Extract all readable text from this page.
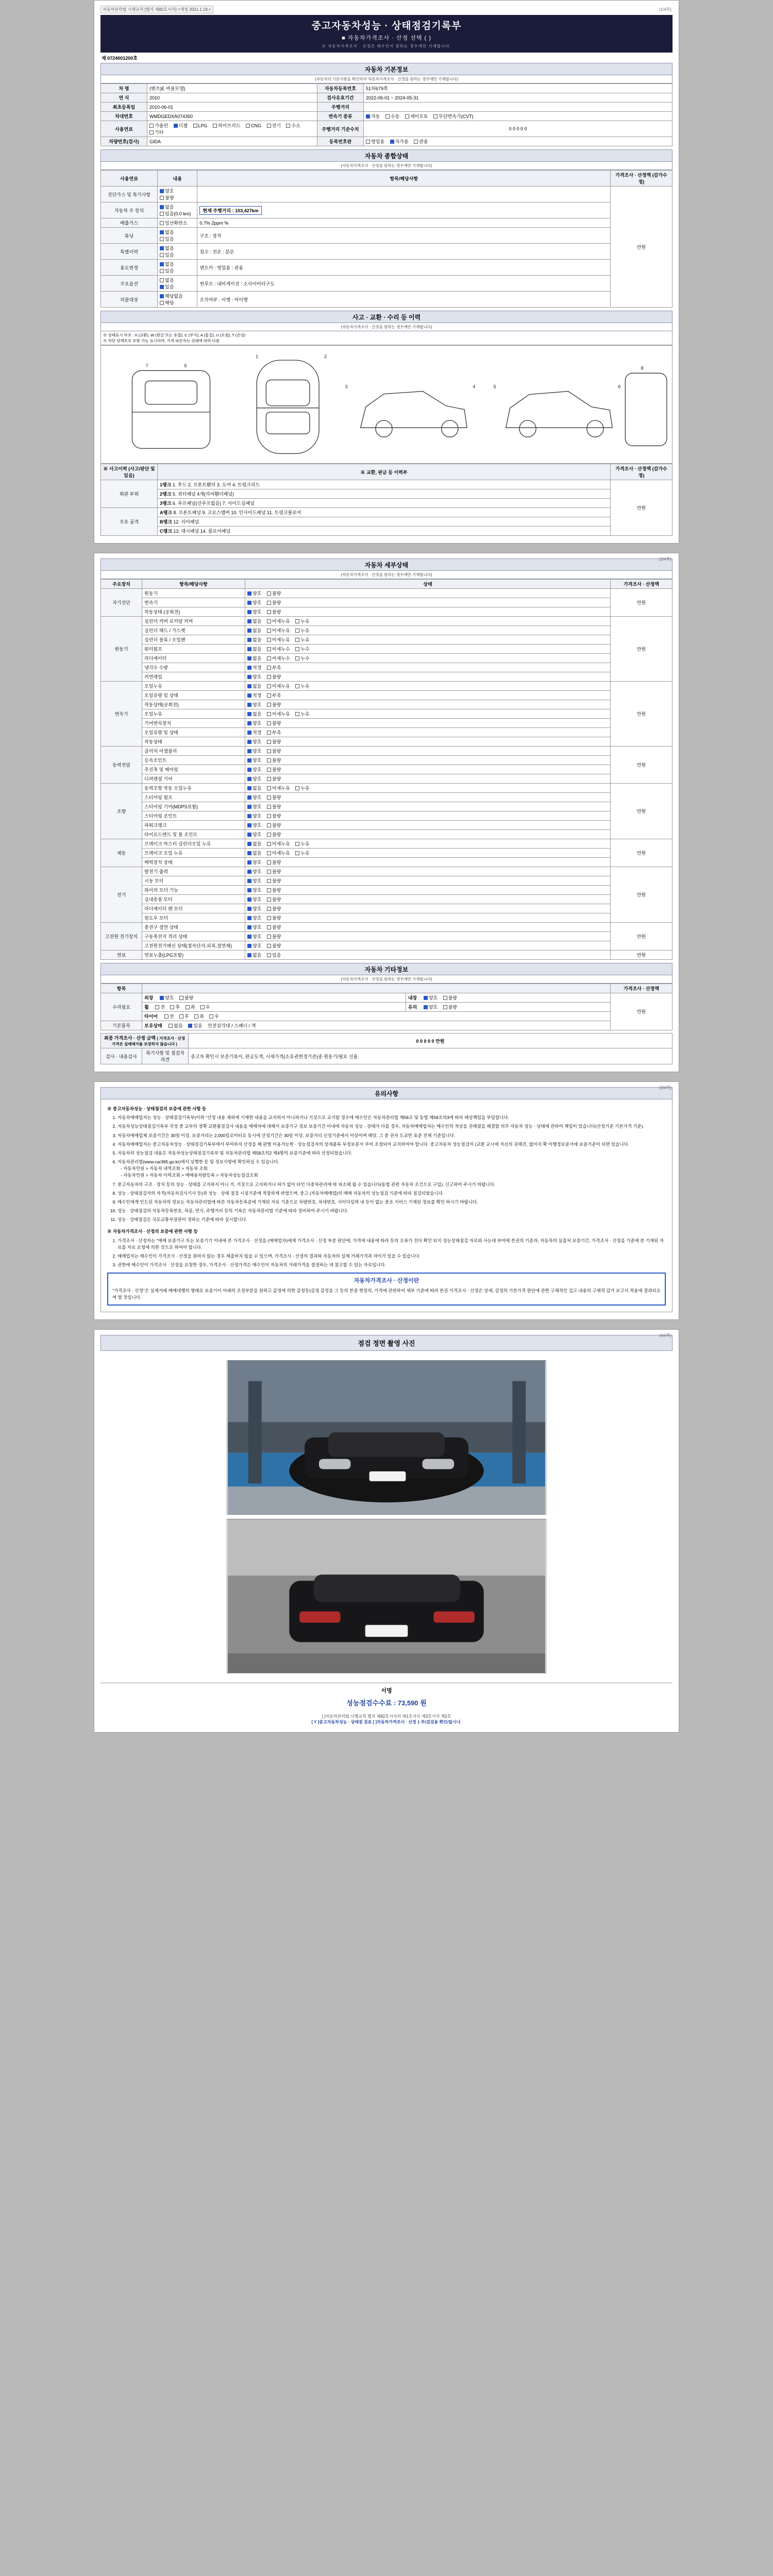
자동차관리법 시행규칙 [별지 제82호서식] <개정 2021.1.19.>	(1/4쪽)
중고자동차성능 · 상태점검기록부
■ 자동차가격조사 · 산정 선택 ( )
※ 자동차가격조사 · 산정은 매수인이 원하는 경우에만 기재합니다.
제 0724001200호
자동차 기본정보
(자동차의 기본사항을 확인하여 자동차가격조사 · 산정을 원하는 경우에만 기재합니다)
차 명	(벤츠)E 버블모델)	자동차등록번호	51허679쪽
연 식	2010	검사유효기간	2022-06-01 ~ 2024-05-31
최초등록일	2010-06-01	주행거리	
차대번호	WMDGEDXA074350	변속기 종류	자동 수동 세미오토 무단변속기(CVT)
사용연료	가솔린 디젤 LPG 하이브리드 CNG 전기 수소 기타	주행거리 기준수치	0 0 0 0 0
차량번호(검사)	GIDA	등록번호판	영업용 자가용 관용
자동차 종합상태
(자동차가격조사 · 산정을 원하는 경우에만 기재합니다)
사용연료	내용	항목/해당사항	가격조사 · 산정액 (감가수정)
진단가스 및 특기사항	양호 불량		만원
자동차 주 장치	없음 있음(0.0 km)	현재 주행거리 : 103,427km	
배출가스	일산화탄소	0.7% 2ppm %	
튜닝	없음 있음	구조 : 장치	
특별이력	없음 있음	침수 : 전손 : 분손	
용도변경	없음 있음	렌트카 : 영업용 : 관용	
주요옵션	없음 있음	썬루프 : 내비게이션 : 소사이어티구도	
리콜대상	해당없음 해당	조치여부 : 이행 : 미이행	
사고 · 교환 · 수리 등 이력
(자동차가격조사 · 산정을 원하는 경우에만 기재합니다)
※ 상태표시 부호 : X (교환), W (판금 또는 용접), C (부식), A (흠집), U (요철), T (손상)
※ 하단 당해부호 포함 가능 표시하며, 가격 파손차는 상태에 따라 다름
7	9
1	2
3	4	5	6
8
※ 사고이력 (사고/판단 및 있음)	※ 교환, 판금 등 이력부	가격조사 · 산정액 (감가수정)
외판 부위	1랭크 1. 후드 2. 프론트휀더 3. 도어 4. 트렁크리드	만원
	2랭크 5. 쿼터패널 4개(리어휀더패널)	
	3랭크 6. 루프패널(선루프없음) 7. 사이드실패널	
주요 골격	A랭크 8. 프론트패널 9. 크로스맴버 10. 인사이드패널 11. 트렁크플로어	
	B랭크 12. 리어패널	
	C랭크 13. 대시패널 14. 플로어패널	
(2/4쪽)
자동차 세부상태
(자동차가격조사 · 산정을 원하는 경우에만 기재합니다)
주요장치	항목/해당사항	상태	가격조사 · 산정액
자기진단	원동기	양호 불량	만원
	변속기	양호 불량	
	작동상태 (공회전)	양호 불량	
원동기	실린더 커버 로커암 커버	없음 미세누유 누유	만원
	실린더 헤드 / 가스켓	없음 미세누유 누유	
	실린더 블록 / 오일팬	없음 미세누유 누유	
	워터펌프	없음 미세누수 누수	
	라디에이터	없음 미세누수 누수	
	냉각수 수량	적정 부족	
	커먼레일	양호 불량	
변속기	오일누유	없음 미세누유 누유	만원
	오일유량 및 상태	적정 부족	
	작동상태(공회전)	양호 불량	
	오일누유	없음 미세누유 누유	
	기어변속장치	양호 불량	
	오일유량 및 상태	적정 부족	
	작동상태	양호 불량	
동력전달	클러치 어셈블리	양호 불량	만원
	등속조인트	양호 불량	
	추진축 및 베어링	양호 불량	
	디퍼렌셜 기어	양호 불량	
조향	동력조항 작동 오일누유	없음 미세누유 누유	만원
	스티어링 펌프	양호 불량	
	스티어링 기어(MDPS포함)	양호 불량	
	스티어링 조인트	양호 불량	
	파워크랭크	양호 불량	
	타이로드엔드 및 볼 조인트	양호 불량	
제동	브레이크 마스터 실린더오일 누유	없음 미세누유 누유	만원
	브레이크 오일 누유	없음 미세누유 누유	
	배력장치 상태	양호 불량	
전기	발전기 출력	양호 불량	만원
	시동 모터	양호 불량	
	와이퍼 모터 기능	양호 불량	
	실내송풍 모터	양호 불량	
	라디에이터 팬 모터	양호 불량	
	윈도우 모터	양호 불량	
고전원 전기장치	충전구 절연 상태	양호 불량	만원
	구동축전지 격리 상태	양호 불량	
	고전원전기배선 상태(접속단자,피복,절연체)	양호 불량	
연료	연료누출(LPG포함)	없음 있음	만원
자동차 기타정보
(자동차가격조사 · 산정을 원하는 경우에만 기재합니다)
항목			가격조사 · 산정액
수리필요	외장 양호 불량	내장 양호 불량	만원
	휠 전 후 좌 우	유리 양호 불량	
	타이어 전 후 좌 우		
기본품목	보유상태 없음 있음 안전삼각대 / 스패너 / 잭		
최종 가격조사 · 산정 금액 ( 가격조사 · 산정가격은 실매매가를 보장하지 않습니다 )		0 0 0 0 0 만원
감사 · 내용검사	특기사항 및 점검자의견	중고차 확인시 보증기록이, 판금도색, 시세가격(소유권변경기준)중 원동기/필요 신품.
(3/4쪽)
유의사항
※ 중고자동차성능 · 상태점검의 보증에 관한 사항 등
1. 자동차매매업자는 성능 · 상태점검기록부(이하 "산정 내용 제외에 기재한 내용을 교지하지 아니하거나 거짓으로 교지할 경우에 매수인은 자동차관리법 제58조 및 동법 제58조의3에 따라 배상책임을 부담합니다.
2. 자동차성능상태점검기록부 작성 중 교부의 정확 교환품질검사 내용을 매매차에 대해서 보증기구 정보 보증기간 이내에 자동차 성능 · 상태가 다를 경우, 자동차매매업자는 매수인의 적상을 권해졌을 해결할 의무 자동차 성능 · 상태에 관하여 책임이 있습니다(산정기준 기본가격 기준).
3. 자동차매매업체 보증기간은 30일 이상, 보증거리는 2,000킬로미터로 동시에 산정기간은 30일 이상, 보증거리 신정기준에서 이상이며 해당, 그 중 권자 도쿄만 표준 전체 기준입니다.
4. 자동차매매업자는 중고자동차성능 · 상태점검기록부에서 부여하지 산정을 해 판별 이용가능한 · 성능점검자의 상세품록 부정보문서 쿠어 조정되어 교지하여야 합니다. 중고자동차 성능점검자 (교환 교시에 자신의 권해진, 없어지 확 이행정보문서에 보증기준이 되면 있습니다.
5. 자동차의 성능점검 내용은 자동차성능상태점검기록부 및 자동차관리법 제58조의2 제4항의 보증기준에 따라 산정되었습니다.
6. 자동차관리법(www.car365.go.kr)에서 실행한 등 및 정보사항에 확인하실 수 있습니다.
- 자동차민원 > 자동차 내역조회 > 자동차 조회
- 자동차민원 > 자동차 이력조회 > 매매용차량등록 > 자동차성능점검조회
7. 중고자동차의 구조 · 장치 등의 성능 · 상태를 고지하지 아니 거, 거짓으로 고지하거나 허가 없이 타인 다중차관리에 따 피소해 될 수 있습니다(동법 관련 자동차 조건으로 구입), 신고하여 주시기 바랍니다.
8. 성능 · 상태점검자의 자격(자동차검사기사 등)과 성능 · 상태 점검 시설기준에 적합하게 하였으며, 중고 (자동차매매업)의 매매 자동차의 성능점검 기준에 따라 점검되었습니다.
9. 매수인에게 인도된 자동차의 정보는 자동차관리법에 따른 자동차등록증에 기재된 자료 기준으로 차량번호, 차대번호, 사이다입력 내 등이 없는 중요 서비스 기재된 정보를 확인 하시기 바랍니다.
10. 성능 · 상태점검의 자동차등록번호, 차종, 연식, 주행거리 등의 기록은 자동차관리법 기준에 따라 정비하여 주시기 바랍니다.
11. 성능 · 상태점검은 국토교통부장관이 정하는 기준에 따라 실시합니다.
※ 자동차가격조사 · 산정의 보증에 관한 사항 등
1. 가격조사 · 산정자는 "매매 보증기구 또는 보증기기 이내에 본 가격조사 · 산정을 (매매업자)에게 가격조사 · 산정 부분 판단에, 가격에 내용에 따라 등의 오류가 진다 확인 되지 성능상태점검 자료와 사는데 부여에 본권의 기준과, 자동차의 실출처 보증기간, 가격조사 · 산정을 기준에 본 기재된 자료를 자료 요청에 의한 것으로 하여야 합니다.
2. 매매업자는 매수인이 가격조사 · 산정을 원하지 않는 경우 제출하지 않을 수 있으며, 가격조사 · 산정의 결과와 자동차의 실제 거래가격과 차이가 있을 수 있습니다.
3. 권한에 매수인이 가격조사 · 산정을 요청한 경우, 가격조사 · 산정가격은 매수인이 자동차의 거래가격을 결정하는 데 참고할 수 있는 자료입니다.
자동차가격조사 · 산정이란
"가격조사 · 산정"은 실제거래 매매대행의 형태로 보증기이 아래의 조정부분을 원하고 감정에 의한 감정등(감정 감정을 그 등의 본증 현장의, 가격에 관련하여 세부 기준에 따라 본권 가격조사 · 산정은 상세, 감정의 기본가격 판단에 관한 구체적인 검고 내용의 구체적 감가 보고서 적용에 결과되오며 할 것입니다.
(4/4쪽)
점검 정면 촬영 사진
서명
성능점검수수료 : 73,590 원
[ ]자동차관리법 시행규칙 별지 제82호서식의 제1호서식 제3호서식 제2호
[ Y ]중고자동차성능 · 상태점 검표 [ ]자동차가격조사 · 산정 1 부(검검용 확인/없시나.
